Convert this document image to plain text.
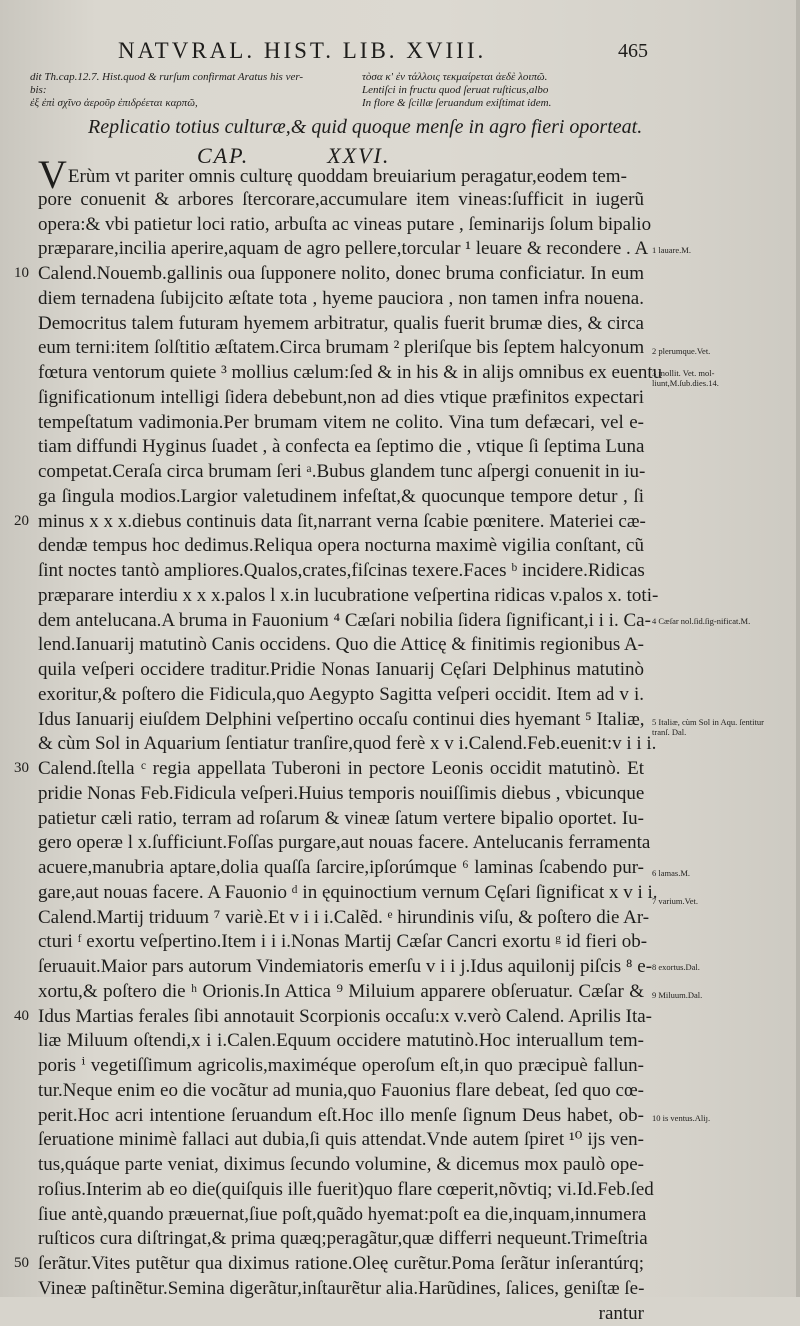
NATVRAL. HIST. LIB. XVIII.	465
dit Th.cap.12.7. Hist.quod & rurſum confirmat Aratus his ver-
bis:
ἐξ ἐπὶ σχῖνο ἀεροῦρ ἐπιδρέεται καρπῶ,
τὸσα κ' ἐν τάλλοις τεκμαίρεται ἀεδὲ λοιπῶ.
Lentiſci in fructu quod ſeruat ruſticus,albo
In flore & ſcillæ ſeruandum exiſtimat idem.
Replicatio totius culturæ,& quid quoque menſe in agro fieri oporteat.
CAP.	XXVI.
VErùm vt pariter omnis culturę quoddam breuiarium peragatur,eodem tem-
pore conuenit & arbores ſtercorare,accumulare item vineas:ſufficit in iugerũ
opera:& vbi patietur loci ratio, arbuſta ac vineas putare , ſeminarijs ſolum bipalio
præparare,incilia aperire,aquam de agro pellere,torcular ¹ leuare & recondere . A
Calend.Nouemb.gallinis oua ſupponere nolito, donec bruma conficiatur. In eum
diem ternadena ſubijcito æſtate tota , hyeme pauciora , non tamen infra nouena.
Democritus talem futuram hyemem arbitratur, qualis fuerit brumæ dies, & circa
eum terni:item ſolſtitio æſtatem.Circa brumam ² pleriſque bis ſeptem halcyonum
fœtura ventorum quiete ³ mollius cælum:ſed & in his & in alijs omnibus ex euentu
ſignificationum intelligi ſidera debebunt,non ad dies vtique præfinitos expectari
tempeſtatum vadimonia.Per brumam vitem ne colito. Vina tum defæcari, vel e-
tiam diffundi Hyginus ſuadet , à confecta ea ſeptimo die , vtique ſi ſeptima Luna
competat.Ceraſa circa brumam ſeri ᵃ.Bubus glandem tunc aſpergi conuenit in iu-
ga ſingula modios.Largior valetudinem infeſtat,& quocunque tempore detur , ſi
minus x x x.diebus continuis data ſit,narrant verna ſcabie pœnitere. Materiei cæ-
dendæ tempus hoc dedimus.Reliqua opera nocturna maximè vigilia conſtant, cũ
ſint noctes tantò ampliores.Qualos,crates,fiſcinas texere.Faces ᵇ incidere.Ridicas
præparare interdiu x x x.palos l x.in lucubratione veſpertina ridicas v.palos x. toti-
dem antelucana.A bruma in Fauonium ⁴ Cæſari nobilia ſidera ſignificant,i i i. Ca-
lend.Ianuarij matutinò Canis occidens. Quo die Atticę & finitimis regionibus A-
quila veſperi occidere traditur.Pridie Nonas Ianuarij Cęſari Delphinus matutinò
exoritur,& poſtero die Fidicula,quo Aegypto Sagitta veſperi occidit. Item ad v i.
Idus Ianuarij eiuſdem Delphini veſpertino occaſu continui dies hyemant ⁵ Italiæ,
& cùm Sol in Aquarium ſentiatur tranſire,quod ferè x v i.Calend.Feb.euenit:v i i i.
Calend.ſtella ᶜ regia appellata Tuberoni in pectore Leonis occidit matutinò. Et
pridie Nonas Feb.Fidicula veſperi.Huius temporis nouiſſimis diebus , vbicunque
patietur cæli ratio, terram ad roſarum & vineæ ſatum vertere bipalio oportet. Iu-
gero operæ l x.ſufficiunt.Foſſas purgare,aut nouas facere. Antelucanis ferramenta
acuere,manubria aptare,dolia quaſſa ſarcire,ipſorúmque ⁶ laminas ſcabendo pur-
gare,aut nouas facere. A Fauonio ᵈ in ęquinoctium vernum Cęſari ſignificat x v i i.
Calend.Martij triduum ⁷ variè.Et v i i i.Calẽd. ᵉ hirundinis viſu, & poſtero die Ar-
cturi ᶠ exortu veſpertino.Item i i i.Nonas Martij Cæſar Cancri exortu ᵍ id fieri ob-
ſeruauit.Maior pars autorum Vindemiatoris emerſu v i i j.Idus aquilonij piſcis ⁸ e-
xortu,& poſtero die ʰ Orionis.In Attica ⁹ Miluium apparere obſeruatur. Cæſar &
Idus Martias ferales ſibi annotauit Scorpionis occaſu:x v.verò Calend. Aprilis Ita-
liæ Miluum oſtendi,x i i.Calen.Equum occidere matutinò.Hoc interuallum tem-
poris ⁱ vegetiſſimum agricolis,maximéque operoſum eſt,in quo præcipuè fallun-
tur.Neque enim eo die vocãtur ad munia,quo Fauonius flare debeat, ſed quo cœ-
perit.Hoc acri intentione ſeruandum eſt.Hoc illo menſe ſignum Deus habet, ob-
ſeruatione minimè fallaci aut dubia,ſi quis attendat.Vnde autem ſpiret ¹⁰ ijs ven-
tus,quáque parte veniat, diximus ſecundo volumine, & dicemus mox paulò ope-
roſius.Interim ab eo die(quiſquis ille fuerit)quo flare cœperit,nõvtiq; vi.Id.Feb.ſed
ſiue antè,quando præuernat,ſiue poſt,quãdo hyemat:poſt ea die,inquam,innumera
ruſticos cura diſtringat,& prima quæq;peragãtur,quæ differri nequeunt.Trimeſtria
ſerãtur.Vites putẽtur qua diximus ratione.Oleę curẽtur.Poma ſerãtur inſerantúrq;
Vineæ paſtinẽtur.Semina digerãtur,inſtaurẽtur alia.Harũdines, ſalices, geniſtæ ſe-
rantur
10
20
30
40
50
1 lauare.M.
2 plerumque.Vet.
3 mollit. Vet. mol-liunt,M.ſub.dies.14.
4 Cæſar nol.ſid.ſig-nificat.M.
5 Italiæ, cùm Sol in Aqu. ſentitur tranſ. Dal.
6 lamas.M.
7 varium.Vet.
8 exortus.Dal.
9 Miluum.Dal.
10 is ventus.Aliȷ.
